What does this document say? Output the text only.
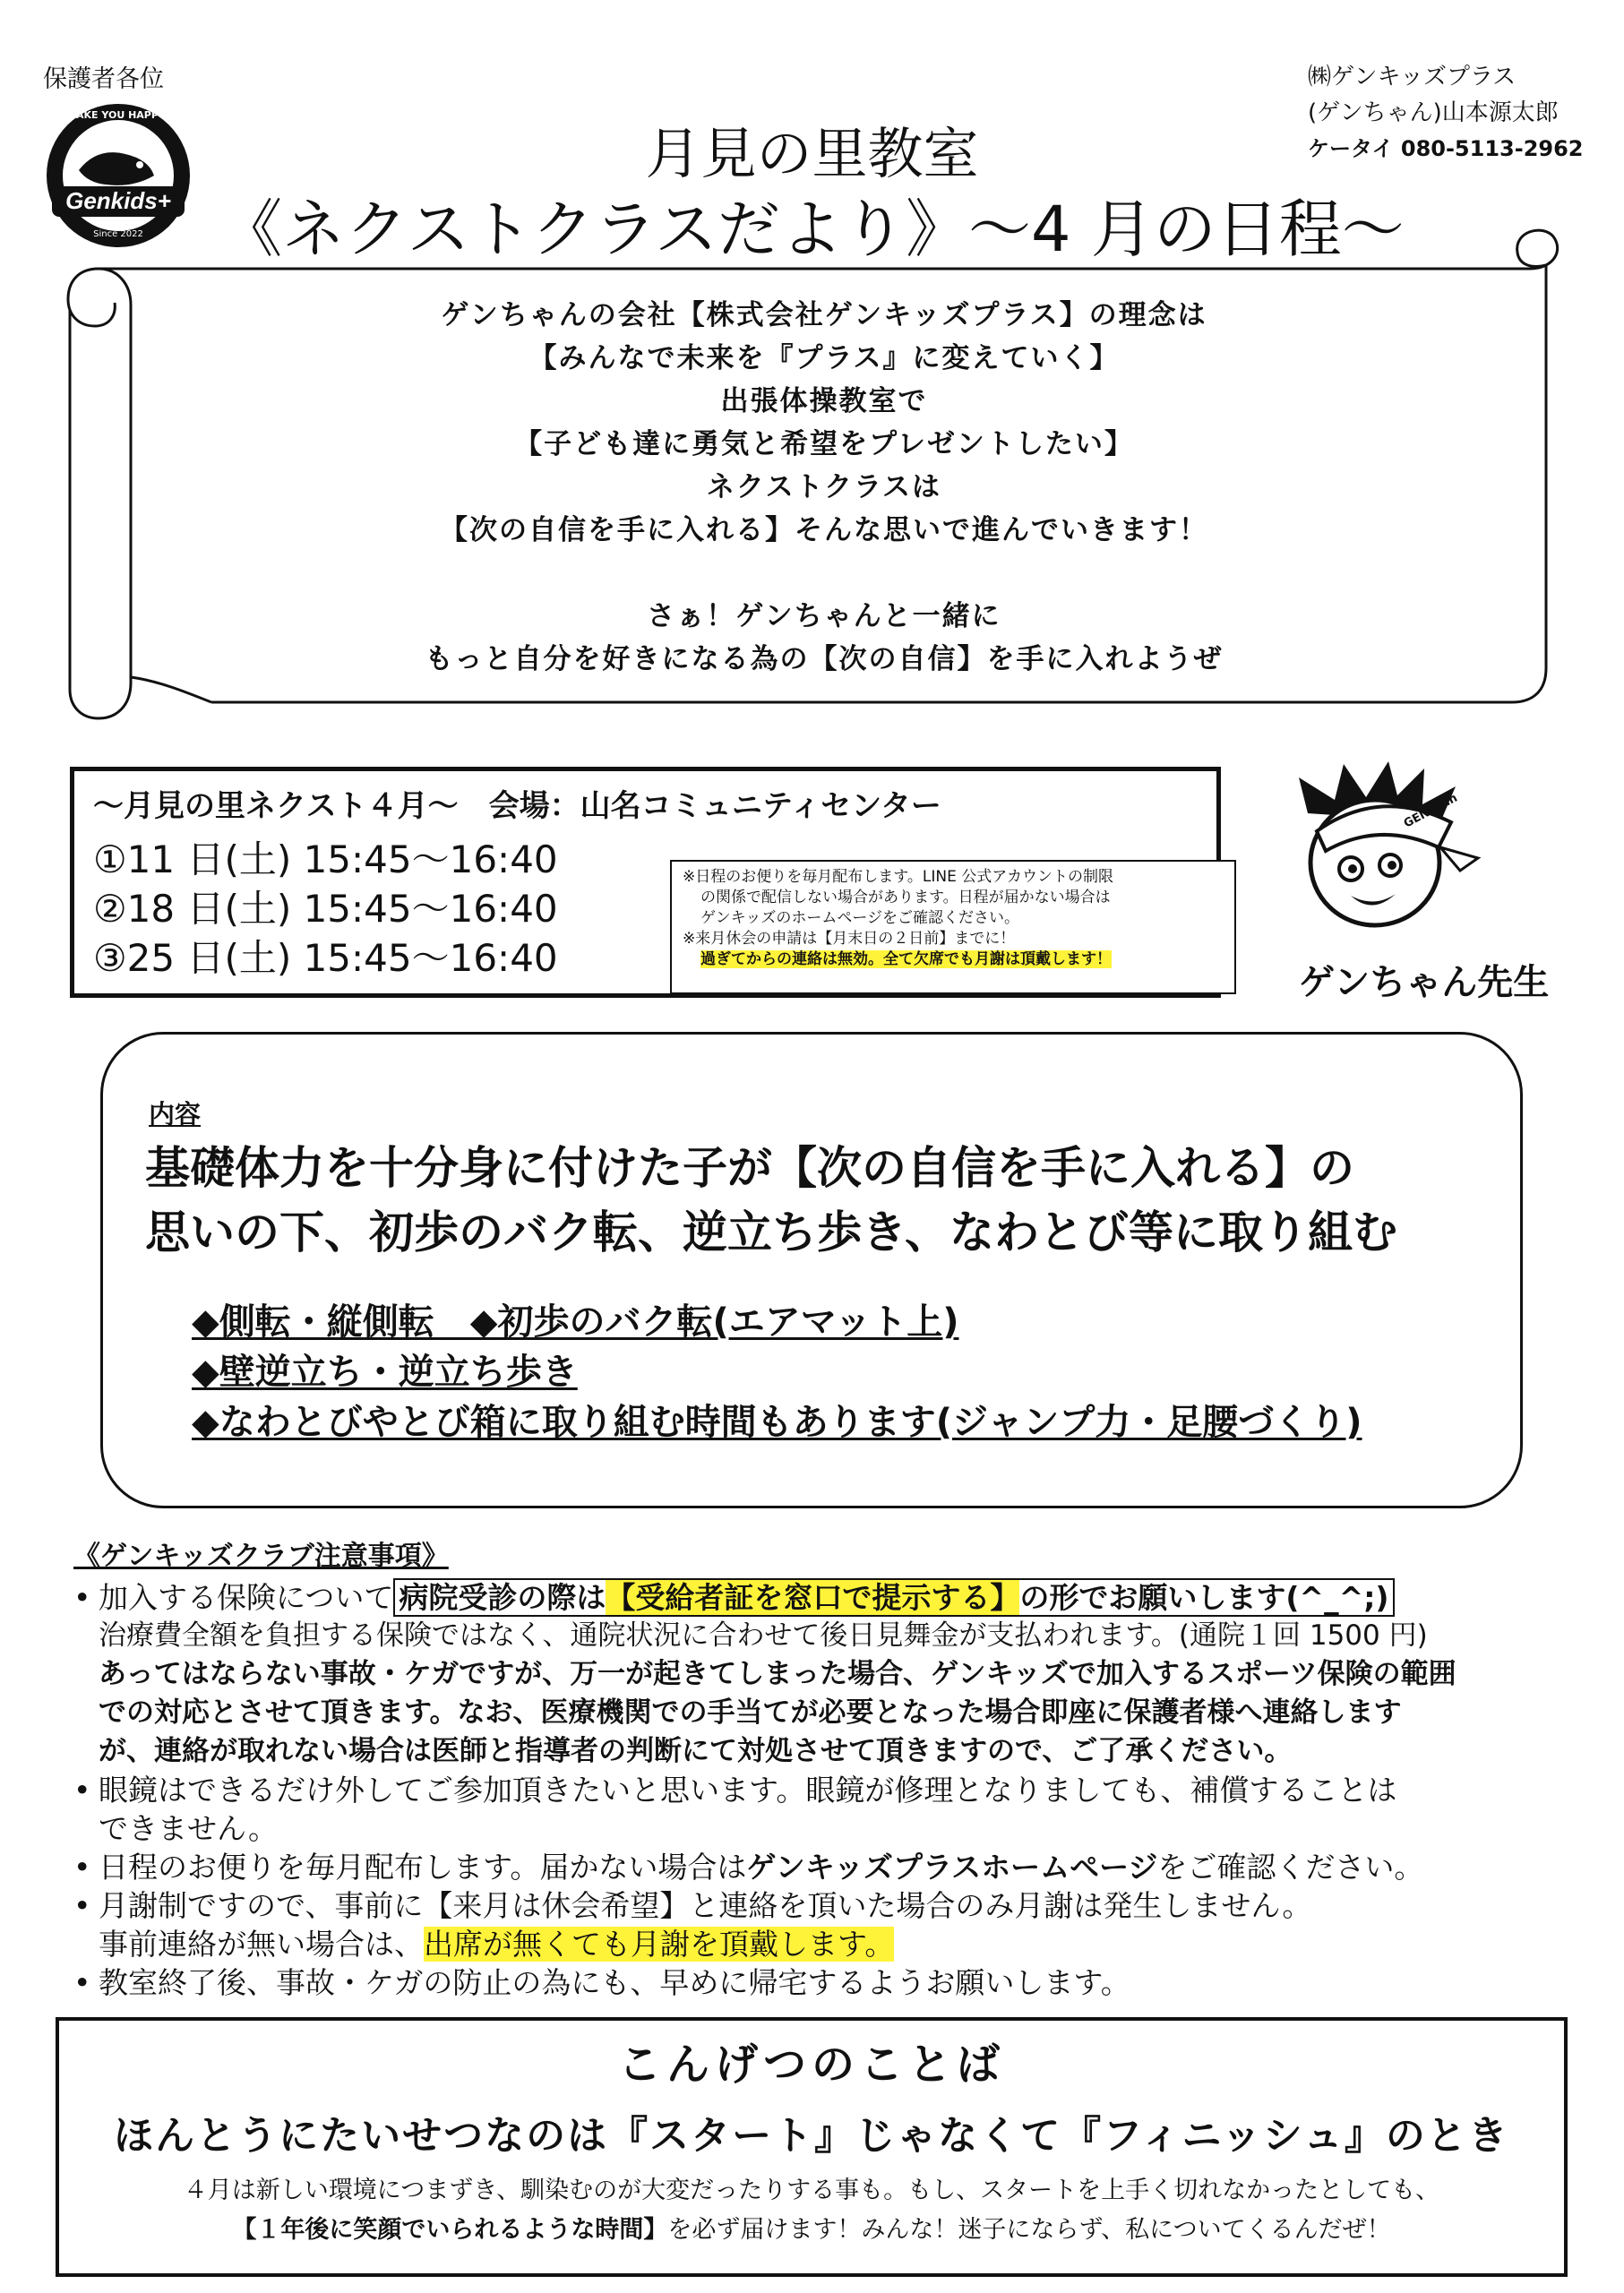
保護者各位
Genkids+
MAKE YOU HAPPY!
Since 2022
㈱ゲンキッズプラス
(ゲンちゃん)山本源太郎
ケータイ 080-5113-2962
月見の里教室
《ネクストクラスだより》～4 月の日程～
ゲンちゃんの会社【株式会社ゲンキッズプラス】の理念は
【みんなで未来を『プラス』に変えていく】
出張体操教室で
【子ども達に勇気と希望をプレゼントしたい】
ネクストクラスは
【次の自信を手に入れる】そんな思いで進んでいきます！
さぁ！ゲンちゃんと一緒に
もっと自分を好きになる為の【次の自信】を手に入れようぜ
～月見の里ネクスト４月～　会場：山名コミュニティセンター
①11 日(土) 15:45～16:40
②18 日(土) 15:45～16:40
③25 日(土) 15:45～16:40
※日程のお便りを毎月配布します。LINE 公式アカウントの制限
の関係で配信しない場合があります。日程が届かない場合は
ゲンキッズのホームページをご確認ください。
※来月休会の申請は【月末日の２日前】までに！
過ぎてからの連絡は無効。全て欠席でも月謝は頂戴します！
GENchan
ゲンちゃん先生
内容
基礎体力を十分身に付けた子が【次の自信を手に入れる】の
思いの下、初歩のバク転、逆立ち歩き、なわとび等に取り組む
◆側転・縦側転　◆初歩のバク転(エアマット上)
◆壁逆立ち・逆立ち歩き
◆なわとびやとび箱に取り組む時間もあります(ジャンプ力・足腰づくり)
《ゲンキッズクラブ注意事項》
• 加入する保険について 病院受診の際は【受給者証を窓口で提示する】の形でお願いします(^_^;)
治療費全額を負担する保険ではなく、通院状況に合わせて後日見舞金が支払われます。(通院１回 1500 円)
あってはならない事故・ケガですが、万一が起きてしまった場合、ゲンキッズで加入するスポーツ保険の範囲
での対応とさせて頂きます。なお、医療機関での手当てが必要となった場合即座に保護者様へ連絡します
が、連絡が取れない場合は医師と指導者の判断にて対処させて頂きますので、ご了承ください。
• 眼鏡はできるだけ外してご参加頂きたいと思います。眼鏡が修理となりましても、補償することは
できません。
• 日程のお便りを毎月配布します。届かない場合はゲンキッズプラスホームページをご確認ください。
• 月謝制ですので、事前に【来月は休会希望】と連絡を頂いた場合のみ月謝は発生しません。
事前連絡が無い場合は、出席が無くても月謝を頂戴します。
• 教室終了後、事故・ケガの防止の為にも、早めに帰宅するようお願いします。
こんげつのことば
ほんとうにたいせつなのは『スタート』じゃなくて『フィニッシュ』のとき
４月は新しい環境につまずき、馴染むのが大変だったりする事も。もし、スタートを上手く切れなかったとしても、
【１年後に笑顔でいられるような時間】を必ず届けます！みんな！迷子にならず、私についてくるんだぜ！
